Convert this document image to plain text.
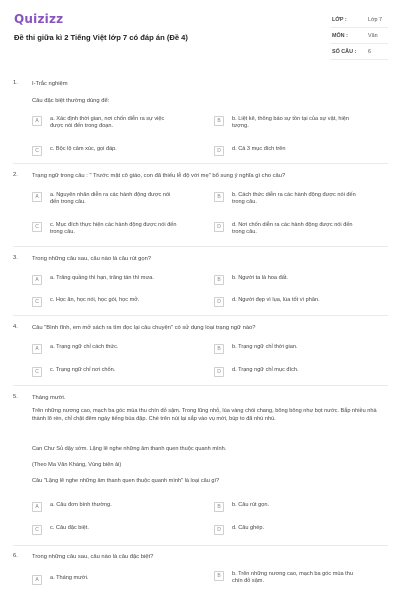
Quizizz
Đề thi giữa kì 2 Tiếng Việt lớp 7 có đáp án (Đề 4)
LỚP :	Lớp 7
MÔN :	Văn
SỐ CÂU : 6
1. I-Trắc nghiệm
Câu đặc biệt thường dùng để:
A	a. Xác định thời gian, nơi chốn diễn ra sự việc được nói đến trong đoạn.
B	b. Liệt kê, thông báo sự tồn tại của sự vật, hiện tượng.
C	c. Bộc lộ cảm xúc, gọi đáp.	D	d. Cả 3 mục đích trên
2. Trạng ngữ trong câu : " Trước mặt cô giáo, con đã thiếu lễ độ với mẹ" bổ sung ý nghĩa gì cho câu?
A	a. Nguyên nhân diễn ra các hành động được nói đến trong câu.
B	b. Cách thức diễn ra các hành động được nói đến trong câu.
C	c. Mục đích thực hiện các hành động được nói đến trong câu.
D	d. Nơi chốn diễn ra các hành động được nói đến trong câu.
3. Trong những câu sau, câu nào là câu rút gọn?
A	a. Trăng quầng thì hạn, trăng tán thì mưa.	B	b. Người ta là hoa đất.
C	c. Học ăn, học nói, học gói, học mở.	D	d. Người đẹp vì lụa, lúa tốt vì phân.
4. Câu "Bình tĩnh, em mở sách ra tìm đọc lại câu chuyện" có sử dụng loại trạng ngữ nào?
A	a. Trạng ngữ chỉ cách thức.	B	b. Trạng ngữ chỉ thời gian.
C	c. Trạng ngữ chỉ nơi chốn.	D	d. Trạng ngữ chỉ mục đích.
5. Tháng mười.
Trên những nương cao, mạch ba góc mùa thu chín đỏ sậm. Trong lũng nhỏ, lúa vàng chói chang, bông bông như bọt nước. Bắp nhiều nhà thành lõ rèn, chỉ chặt đêm ngày tiếng búa đập. Chè trên núi lại sắp vào vụ mới, búp to đã nhú nhú.
Can Chư Sủ dậy sớm. Lặng lẽ nghe những âm thanh quen thuộc quanh mình.
(Theo Ma Văn Kháng, Vùng biên ải)
Câu "Lặng lẽ nghe những âm thanh quen thuộc quanh mình" là loại câu gì?
A	a. Câu đơn bình thường.	B	b. Câu rút gọn.
C	c. Câu đặc biệt.	D	d. Câu ghép.
6. Trong những câu sau, câu nào là câu đặc biệt?
A	a. Tháng mười.	B	b. Trên những nương cao, mạch ba góc mùa thu chín đỏ sậm.
